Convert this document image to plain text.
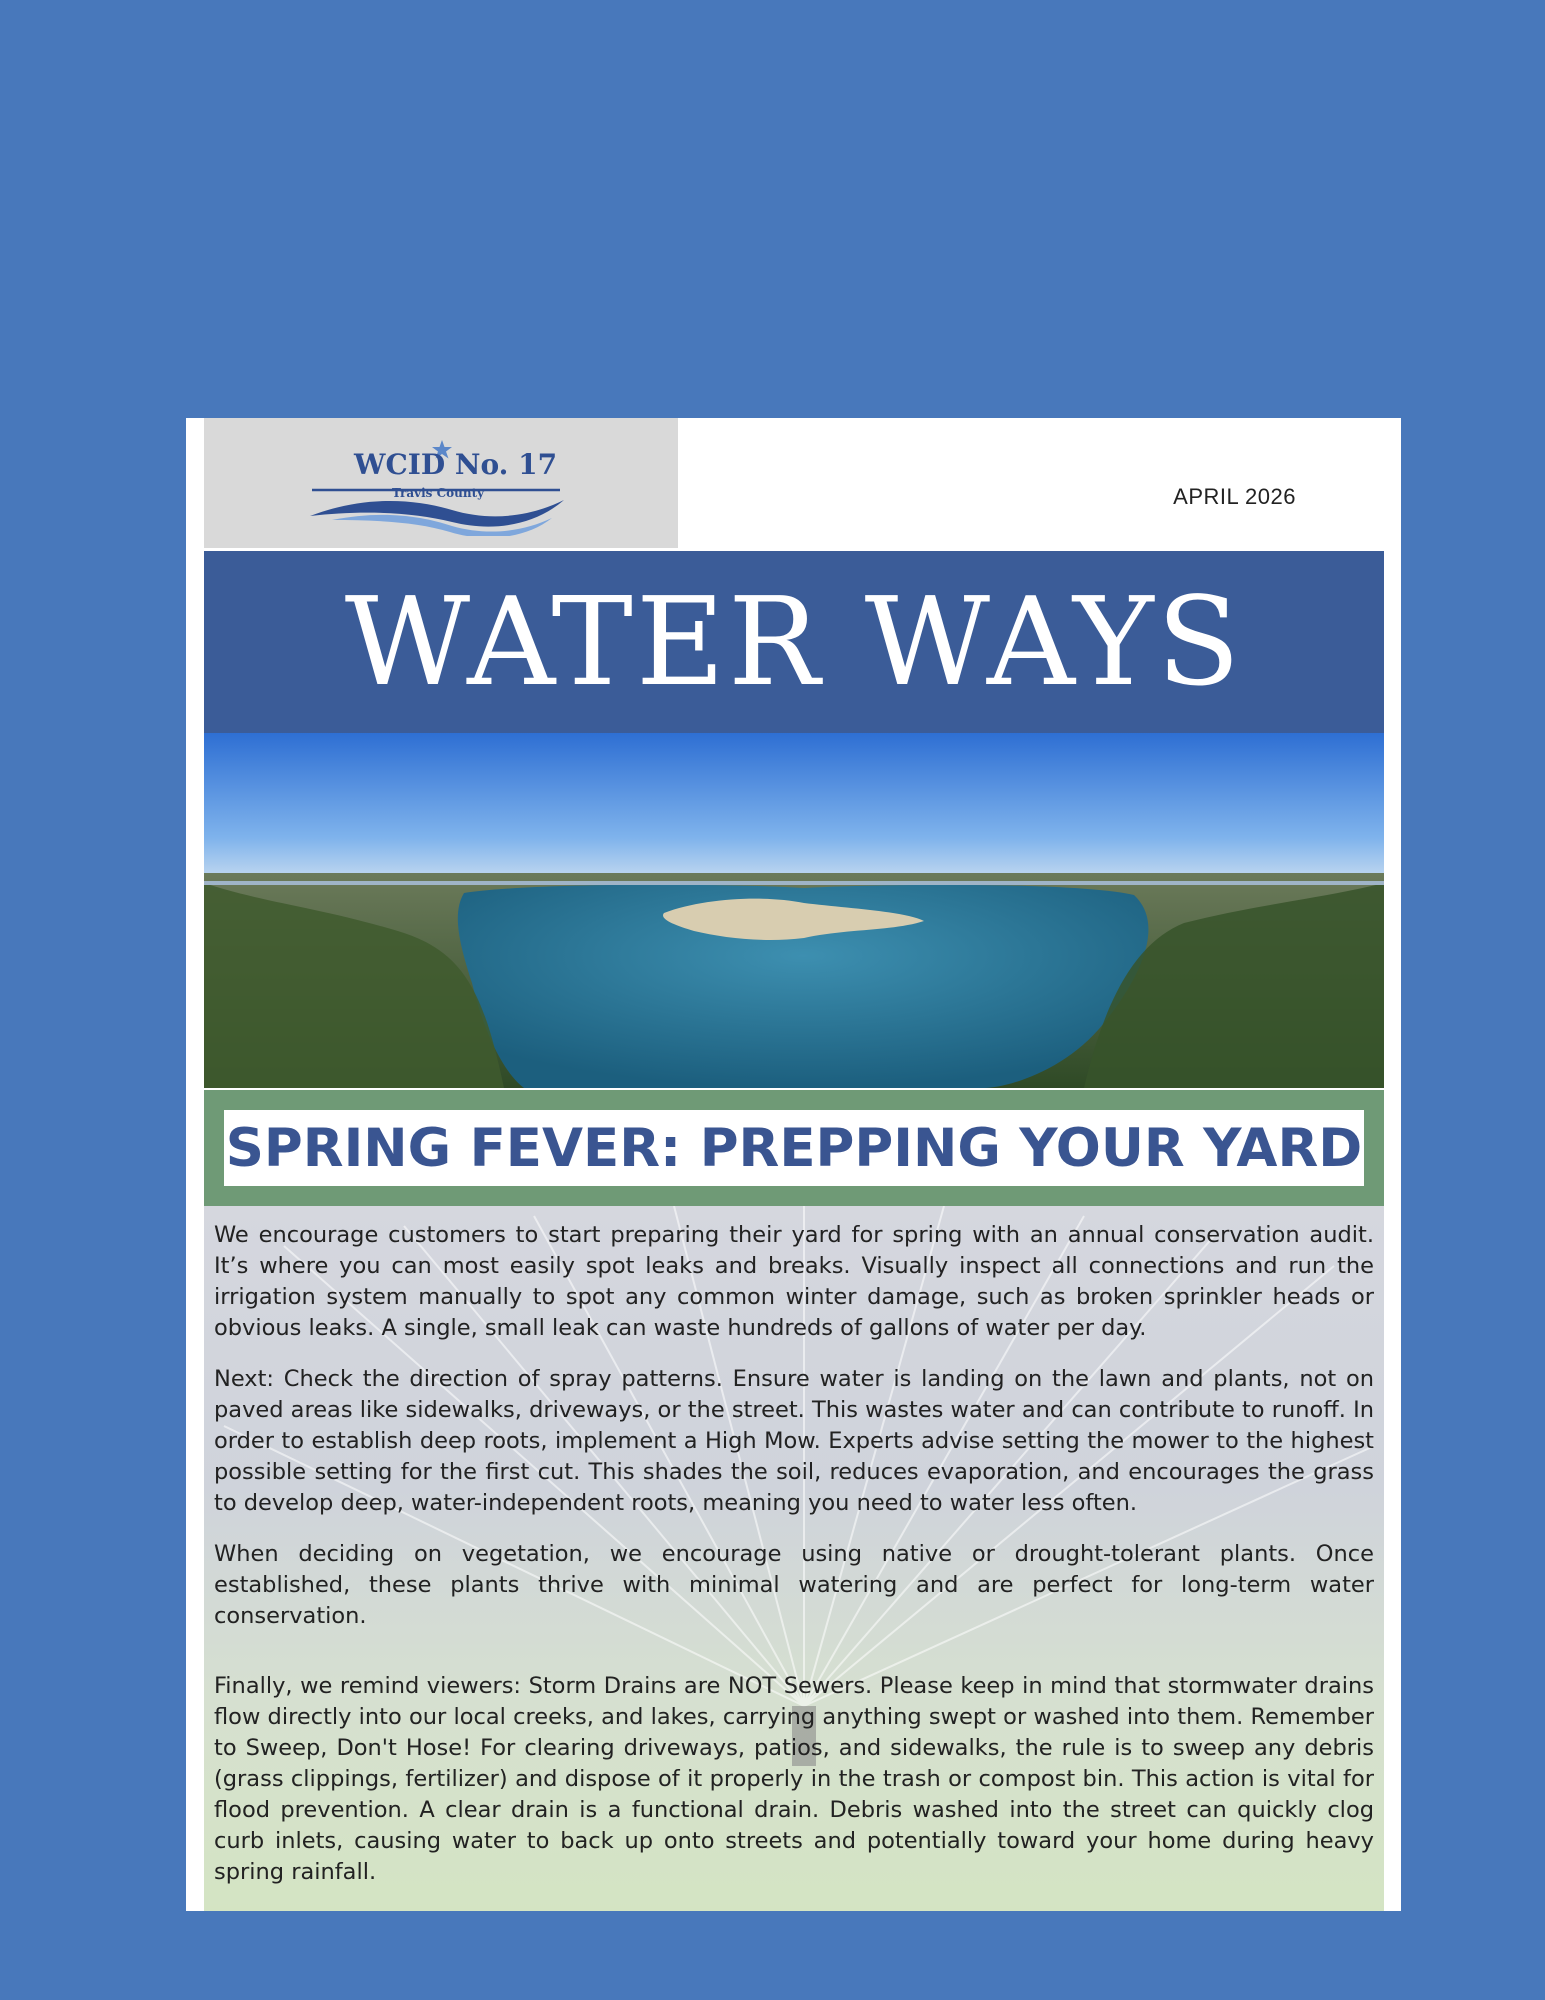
WCID No. 17
Travis County	APRIL 2026
WATER WAYS
SPRING FEVER: PREPPING YOUR YARD

We encourage customers to start preparing their yard for spring with an annual conservation audit. It’s where you can most easily spot leaks and breaks. Visually inspect all connections and run the irrigation system manually to spot any common winter damage, such as broken sprinkler heads or obvious leaks. A single, small leak can waste hundreds of gallons of water per day.

Next: Check the direction of spray patterns. Ensure water is landing on the lawn and plants, not on paved areas like sidewalks, driveways, or the street. This wastes water and can contribute to runoff. In order to establish deep roots, implement a High Mow. Experts advise setting the mower to the highest possible setting for the first cut. This shades the soil, reduces evaporation, and encourages the grass to develop deep, water-independent roots, meaning you need to water less often.

When deciding on vegetation, we encourage using native or drought-tolerant plants. Once established, these plants thrive with minimal watering and are perfect for long-term water conservation.

Finally, we remind viewers: Storm Drains are NOT Sewers. Please keep in mind that stormwater drains flow directly into our local creeks, and lakes, carrying anything swept or washed into them. Remember to Sweep, Don't Hose! For clearing driveways, patios, and sidewalks, the rule is to sweep any debris (grass clippings, fertilizer) and dispose of it properly in the trash or compost bin. This action is vital for flood prevention. A clear drain is a functional drain. Debris washed into the street can quickly clog curb inlets, causing water to back up onto streets and potentially toward your home during heavy spring rainfall.
